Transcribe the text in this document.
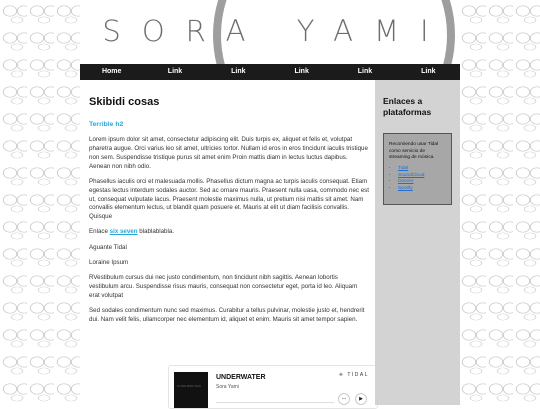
SORA YAMI
Home	Link	Link	Link	Link	Link
Skibidi cosas
Terrible h2

Lorem ipsum dolor sit amet, consectetur adipiscing elit. Duis turpis ex, aliquet et felis et, volutpat pharetra augue. Orci varius leo sit amet, ultricies tortor. Nullam id eros in eros tincidunt iaculis tristique non sem. Suspendisse tristique purus sit amet enim Proin mattis diam in lectus luctus dapibus. Aenean non nibh odio.

Phasellus iaculis orci et malesuada mollis. Phasellus dictum magna ac turpis iaculis consequat. Etiam egestas lectus interdum sodales auctor. Sed ac ornare mauris. Praesent nulla uasa, commodo nec est ut, consequat vulputate lacus. Praesent molestie maximus nulla, ut pretium nisi mattis sit amet. Nam convallis elementum lectus, ut blandit quam posuere et. Mauris at elit ut diam facilisis convallis. Quisque

Enlace six seven blablablabla.

Aguante Tidal

Loraine Ipsum

RVestibulum cursus dui nec justo condimentum, non tincidunt nibh sagittis. Aenean lobortis vestibulum arcu. Suspendisse risus mauris, consequat non consectetur eget, porta id leo. Aliquam erat volutpat

Sed sodales condimentum nunc sed maximus. Curabitur a tellus pulvinar, molestie justo et, hendrerit dui. Nam velit felis, ullamcorper nec elementum id, aliquet et enim. Mauris sit amet tempor sapien.

UNDERWATER
UNDERWATER
Sora Yami
⁜ TIDAL
...	▶
Enlaces a plataformas
Recomiendo usar Tidal como servicio de streaming de música.
• Tidal
• SoundCloud
• Deezer
• Spotify
